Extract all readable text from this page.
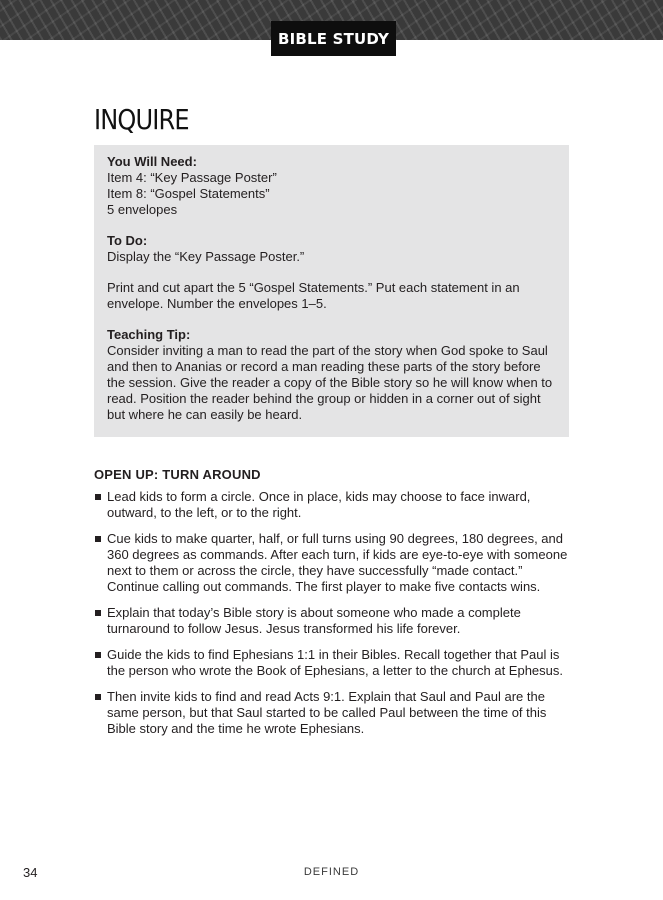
BIBLE STUDY
INQUIRE

You Will Need:

Item 4: “Key Passage Poster”

Item 8: “Gospel Statements”

5 envelopes

To Do:

Display the “Key Passage Poster.”

Print and cut apart the 5 “Gospel Statements.” Put each statement in an envelope. Number the envelopes 1–5.

Teaching Tip:

Consider inviting a man to read the part of the story when God spoke to Saul and then to Ananias or record a man reading these parts of the story before the session. Give the reader a copy of the Bible story so he will know when to read. Position the reader behind the group or hidden in a corner out of sight but where he can easily be heard.

OPEN UP: TURN AROUND
Lead kids to form a circle. Once in place, kids may choose to face inward, outward, to the left, or to the right.
Cue kids to make quarter, half, or full turns using 90 degrees, 180 degrees, and 360 degrees as commands. After each turn, if kids are eye-to-eye with someone next to them or across the circle, they have successfully “made contact.” Continue calling out commands. The first player to make five contacts wins.
Explain that today’s Bible story is about someone who made a complete turnaround to follow Jesus. Jesus transformed his life forever.
Guide the kids to find Ephesians 1:1 in their Bibles. Recall together that Paul is the person who wrote the Book of Ephesians, a letter to the church at Ephesus.
Then invite kids to find and read Acts 9:1. Explain that Saul and Paul are the same person, but that Saul started to be called Paul between the time of this Bible story and the time he wrote Ephesians.
34	DEFINED
